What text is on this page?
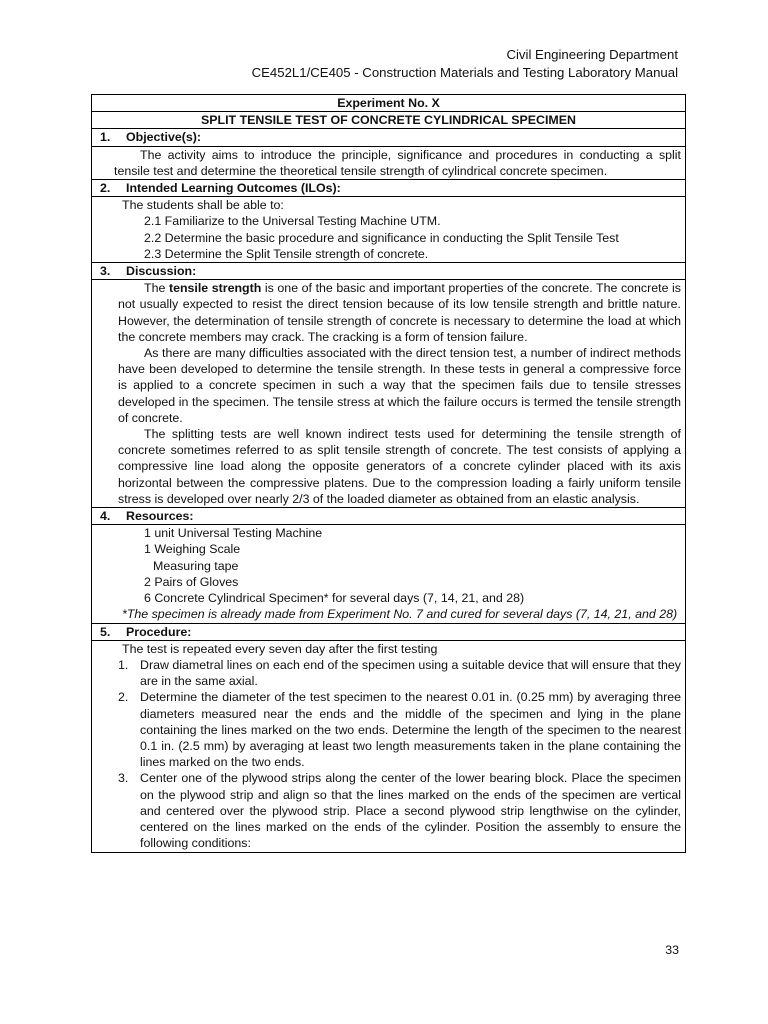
Civil Engineering Department
CE452L1/CE405 - Construction Materials and Testing Laboratory Manual
Experiment No. X
SPLIT TENSILE TEST OF CONCRETE CYLINDRICAL SPECIMEN
1. Objective(s):
The activity aims to introduce the principle, significance and procedures in conducting a split tensile test and determine the theoretical tensile strength of cylindrical concrete specimen.
2. Intended Learning Outcomes (ILOs):

The students shall be able to:
2.1 Familiarize to the Universal Testing Machine UTM.
2.2 Determine the basic procedure and significance in conducting the Split Tensile Test
2.3 Determine the Split Tensile strength of concrete.

3. Discussion:

The tensile strength is one of the basic and important properties of the concrete. The concrete is not usually expected to resist the direct tension because of its low tensile strength and brittle nature. However, the determination of tensile strength of concrete is necessary to determine the load at which the concrete members may crack. The cracking is a form of tension failure.
As there are many difficulties associated with the direct tension test, a number of indirect methods have been developed to determine the tensile strength. In these tests in general a compressive force is applied to a concrete specimen in such a way that the specimen fails due to tensile stresses developed in the specimen. The tensile stress at which the failure occurs is termed the tensile strength of concrete.
The splitting tests are well known indirect tests used for determining the tensile strength of concrete sometimes referred to as split tensile strength of concrete. The test consists of applying a compressive line load along the opposite generators of a concrete cylinder placed with its axis horizontal between the compressive platens. Due to the compression loading a fairly uniform tensile stress is developed over nearly 2/3 of the loaded diameter as obtained from an elastic analysis.

4. Resources:

1 unit Universal Testing Machine
1 Weighing Scale
Measuring tape
2 Pairs of Gloves
6 Concrete Cylindrical Specimen* for several days (7, 14, 21, and 28)
*The specimen is already made from Experiment No. 7 and cured for several days (7, 14, 21, and 28)

5. Procedure:

The test is repeated every seven day after the first testing
1. Draw diametral lines on each end of the specimen using a suitable device that will ensure that they are in the same axial.
2. Determine the diameter of the test specimen to the nearest 0.01 in. (0.25 mm) by averaging three diameters measured near the ends and the middle of the specimen and lying in the plane containing the lines marked on the two ends. Determine the length of the specimen to the nearest 0.1 in. (2.5 mm) by averaging at least two length measurements taken in the plane containing the lines marked on the two ends.
3. Center one of the plywood strips along the center of the lower bearing block. Place the specimen on the plywood strip and align so that the lines marked on the ends of the specimen are vertical and centered over the plywood strip. Place a second plywood strip lengthwise on the cylinder, centered on the lines marked on the ends of the cylinder. Position the assembly to ensure the following conditions:
33
